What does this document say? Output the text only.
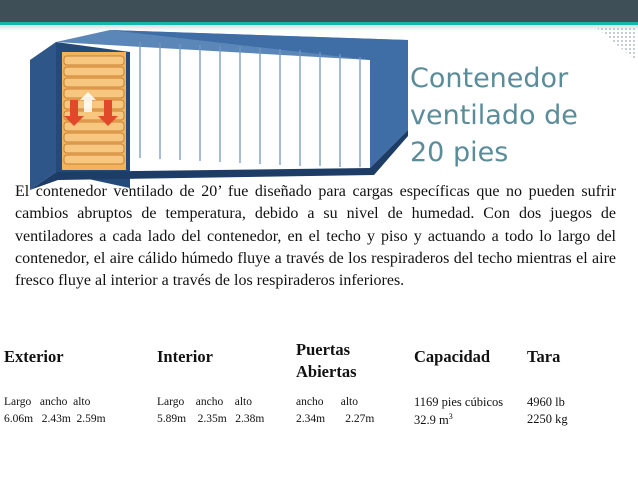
Contenedor
ventilado de
20 pies
El contenedor ventilado de 20’ fue diseñado para cargas específicas que no pueden sufrir cambios abruptos de temperatura, debido a su nivel de humedad. Con dos juegos de ventiladores a cada lado del contenedor, en el techo y piso y actuando a todo lo largo del contenedor, el aire cálido húmedo fluye a través de los respiraderos del techo mientras el aire fresco fluye al interior a través de los respiraderos inferiores.
Exterior	Interior	Puertas
Abiertas
Capacidad Tara
Largo   ancho  alto
6.06m   2.43m  2.59m
Largo    ancho    alto
5.89m    2.35m   2.38m
ancho      alto
2.34m       2.27m
1169 pies cúbicos
32.9 $m^3$
4960 lb
2250 kg
